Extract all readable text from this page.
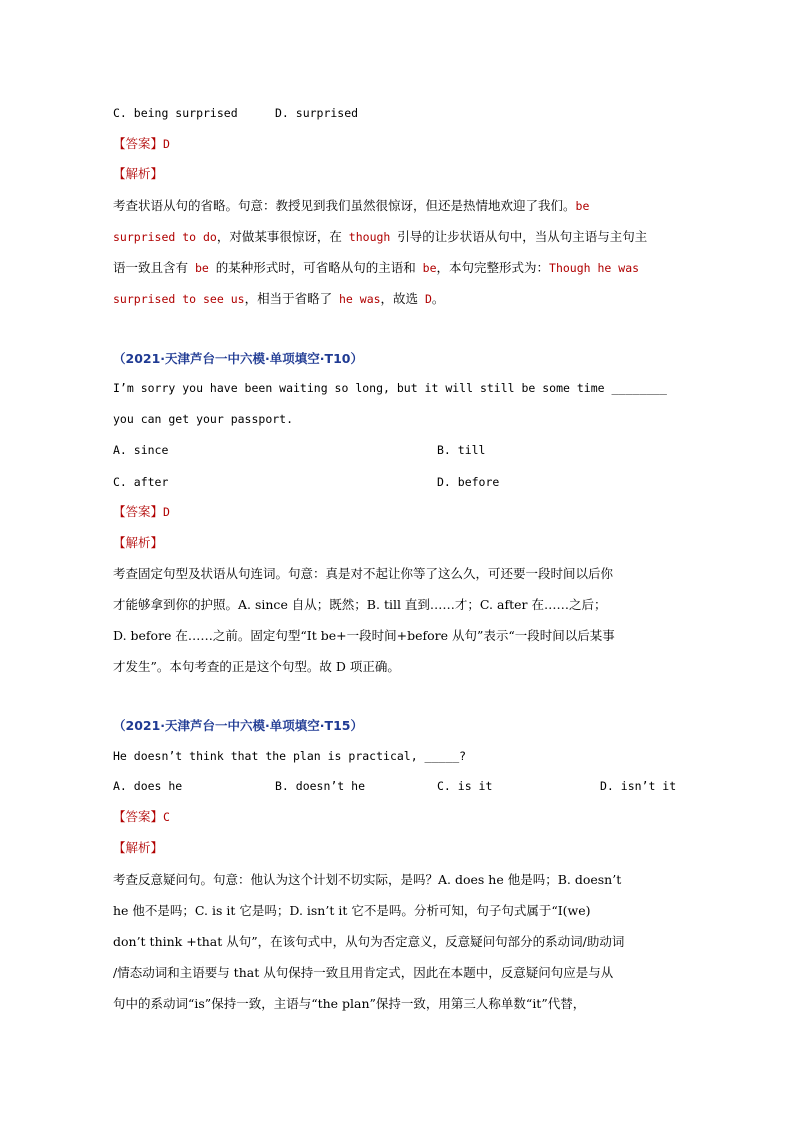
C. being surprised	D. surprised
【答案】D
【解析】
考查状语从句的省略。句意：教授见到我们虽然很惊讶，但还是热情地欢迎了我们。be
surprised to do，对做某事很惊讶，在 though 引导的让步状语从句中，当从句主语与主句主
语一致且含有 be 的某种形式时，可省略从句的主语和 be，本句完整形式为：Though he was
surprised to see us，相当于省略了 he was，故选 D。
（2021·天津芦台一中六模·单项填空·T10）
I’m sorry you have been waiting so long, but it will still be some time ________
you can get your passport.
A. since	B. till
C. after	D. before
【答案】D
【解析】
考查固定句型及状语从句连词。句意：真是对不起让你等了这么久，可还要一段时间以后你
才能够拿到你的护照。A. since 自从；既然；B. till 直到……才；C. after 在……之后；
D. before 在……之前。固定句型“It be+一段时间+before 从句”表示“一段时间以后某事
才发生”。本句考查的正是这个句型。故 D 项正确。
（2021·天津芦台一中六模·单项填空·T15）
He doesn’t think that the plan is practical, _____?
A. does he	B. doesn’t he	C. is it	D. isn’t it
【答案】C
【解析】
考查反意疑问句。句意：他认为这个计划不切实际，是吗？A. does he 他是吗；B. doesn’t
he 他不是吗；C. is it 它是吗；D. isn’t it 它不是吗。分析可知，句子句式属于“I(we)
don’t think +that 从句”，在该句式中，从句为否定意义，反意疑问句部分的系动词/助动词
/情态动词和主语要与 that 从句保持一致且用肯定式，因此在本题中，反意疑问句应是与从
句中的系动词“is”保持一致，主语与“the plan”保持一致，用第三人称单数“it”代替，
